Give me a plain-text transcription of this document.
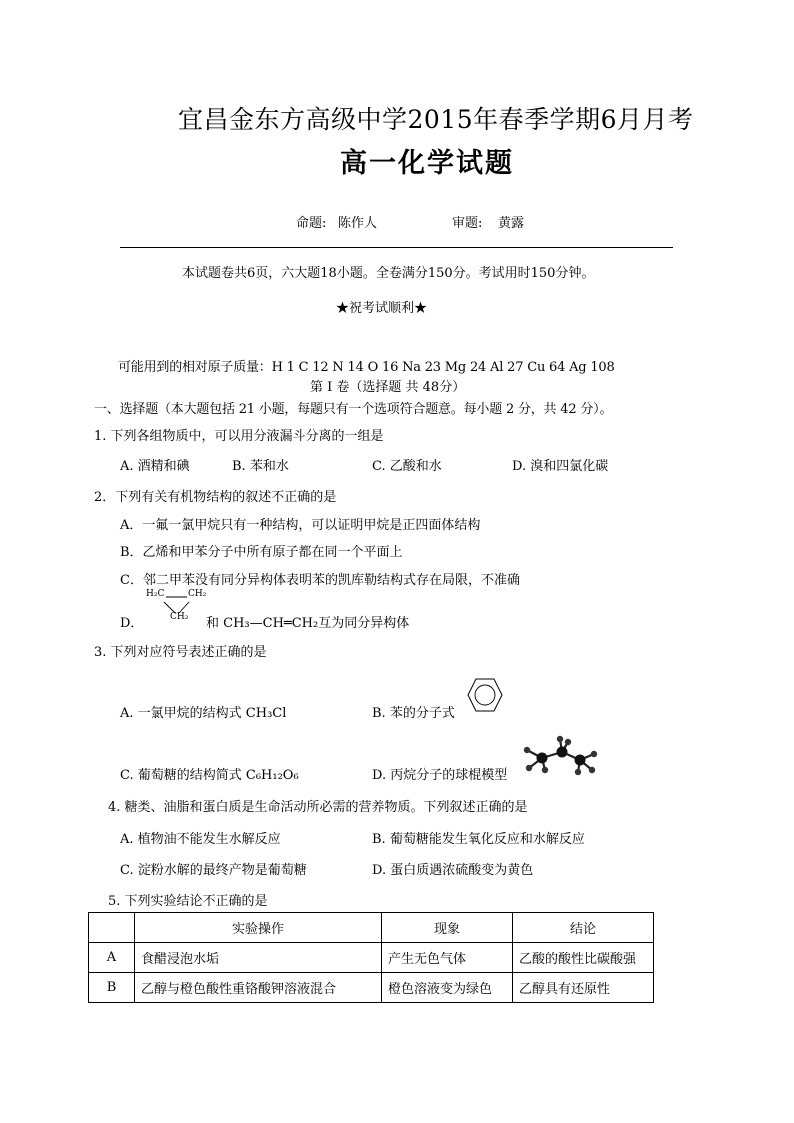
宜昌金东方高级中学2015年春季学期6月月考
高一化学试题
命题: 陈作人	审题: 黄露
本试题卷共6页，六大题18小题。全卷满分150分。考试用时150分钟。
★祝考试顺利★
可能用到的相对原子质量：H 1 C 12 N 14 O 16 Na 23 Mg 24 Al 27 Cu 64 Ag 108
第 I 卷（选择题 共 48分）
一、选择题（本大题包括 21 小题，每题只有一个选项符合题意。每小题 2 分，共 42 分）。
1. 下列各组物质中，可以用分液漏斗分离的一组是
A. 酒精和碘	B. 苯和水	C. 乙酸和水	D. 溴和四氯化碳
2．下列有关有机物结构的叙述不正确的是
A．一氟一氯甲烷只有一种结构，可以证明甲烷是正四面体结构
B．乙烯和甲苯分子中所有原子都在同一个平面上
C．邻二甲苯没有同分异构体表明苯的凯库勒结构式存在局限，不准确
D．
H₂C	CH₂
CH₂ 和 CH₃—CH═CH₂互为同分异构体
3. 下列对应符号表述正确的是
A. 一氯甲烷的结构式 CH₃Cl	B. 苯的分子式
C. 葡萄糖的结构简式 C₆H₁₂O₆	D. 丙烷分子的球棍模型
4. 糖类、油脂和蛋白质是生命活动所必需的营养物质。下列叙述正确的是
A. 植物油不能发生水解反应	B. 葡萄糖能发生氧化反应和水解反应
C. 淀粉水解的最终产物是葡萄糖	D. 蛋白质遇浓硫酸变为黄色
5. 下列实验结论不正确的是
	实验操作	现象	结论
A	食醋浸泡水垢	产生无色气体	乙酸的酸性比碳酸强
B	乙醇与橙色酸性重铬酸钾溶液混合	橙色溶液变为绿色	乙醇具有还原性
